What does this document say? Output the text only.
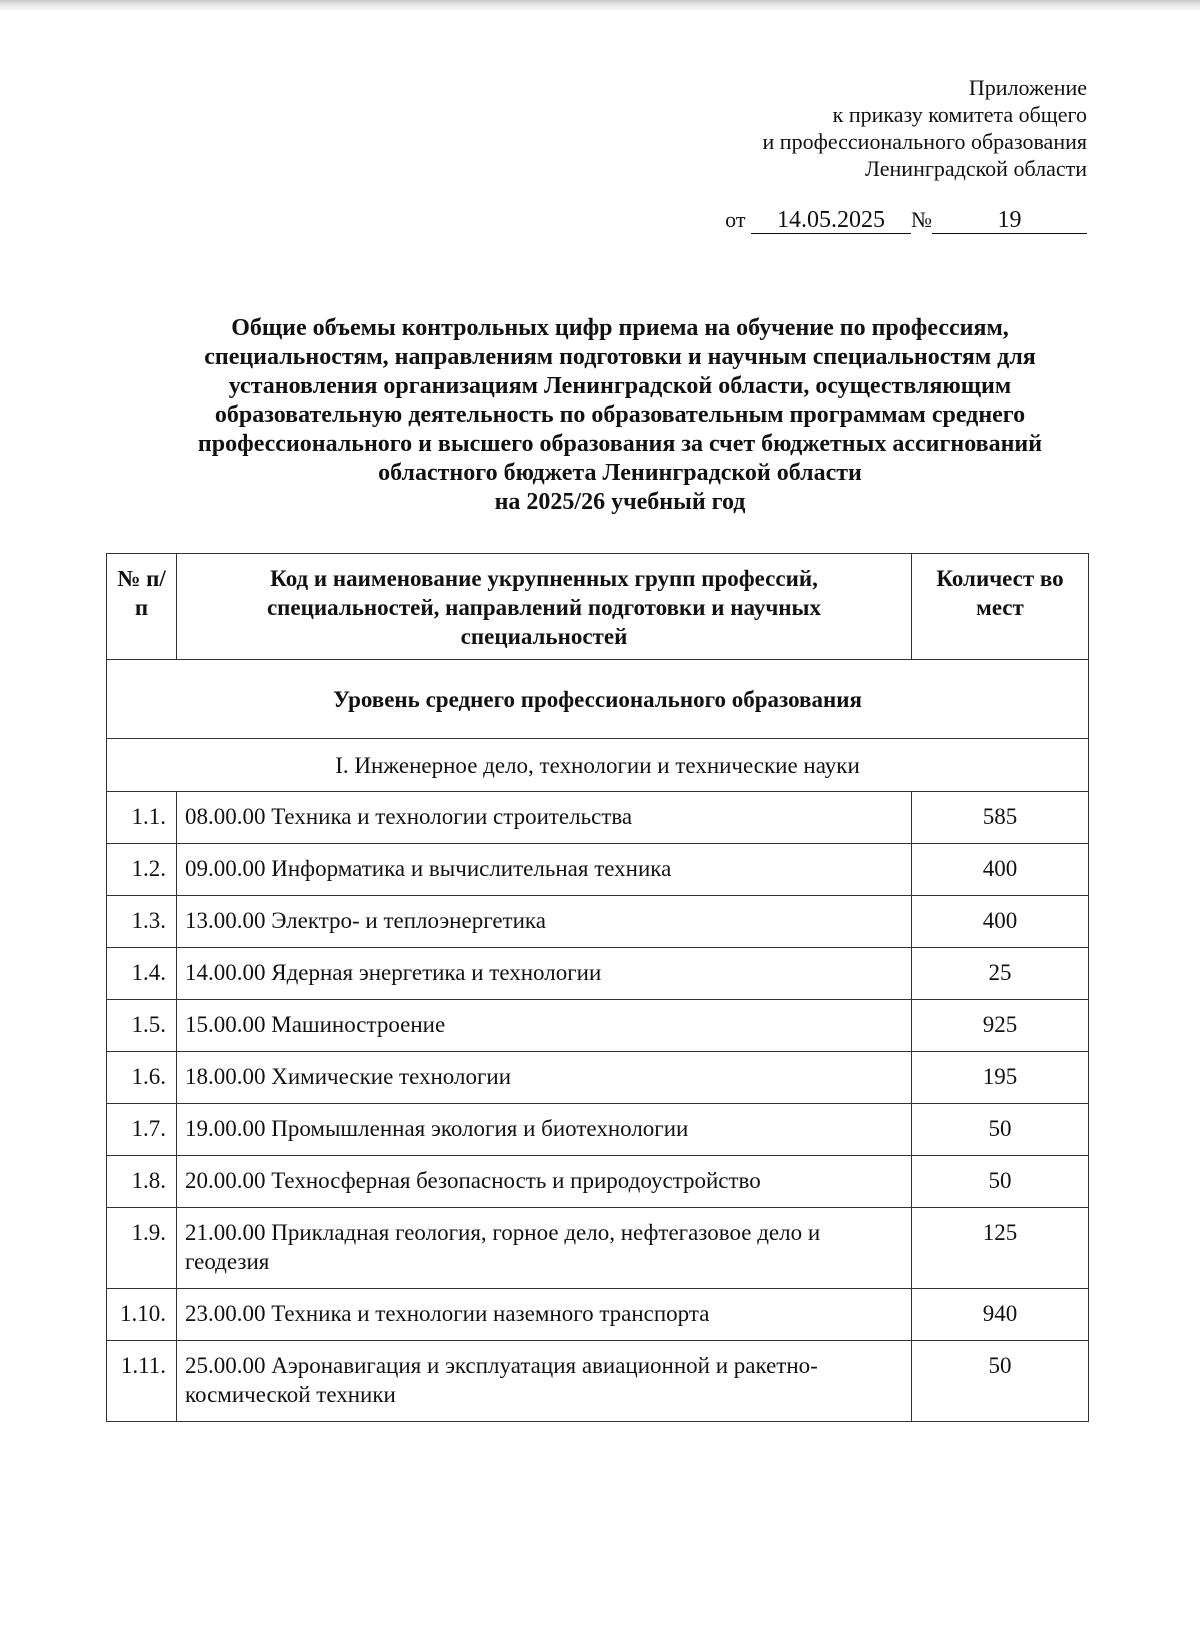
Приложение
к приказу комитета общего
и профессионального образования
Ленинградской области
от 14.05.2025 №	19
Общие объемы контрольных цифр приема на обучение по профессиям,
специальностям, направлениям подготовки и научным специальностям для
установления организациям Ленинградской области, осуществляющим
образовательную деятельность по образовательным программам среднего
профессионального и высшего образования за счет бюджетных ассигнований
областного бюджета Ленинградской области
на 2025/26 учебный год
№ п/п	Код и наименование укрупненных групп профессий, специальностей, направлений подготовки и научных специальностей	Количест во мест
Уровень среднего профессионального образования		
I. Инженерное дело, технологии и технические науки		
1.1.	08.00.00 Техника и технологии строительства	585
1.2.	09.00.00 Информатика и вычислительная техника	400
1.3.	13.00.00 Электро- и теплоэнергетика	400
1.4.	14.00.00 Ядерная энергетика и технологии	25
1.5.	15.00.00 Машиностроение	925
1.6.	18.00.00 Химические технологии	195
1.7.	19.00.00 Промышленная экология и биотехнологии	50
1.8.	20.00.00 Техносферная безопасность и природоустройство	50
1.9.	21.00.00 Прикладная геология, горное дело, нефтегазовое дело и геодезия	125
1.10.	23.00.00 Техника и технологии наземного транспорта	940
1.11.	25.00.00 Аэронавигация и эксплуатация авиационной и ракетно-космической техники	50
